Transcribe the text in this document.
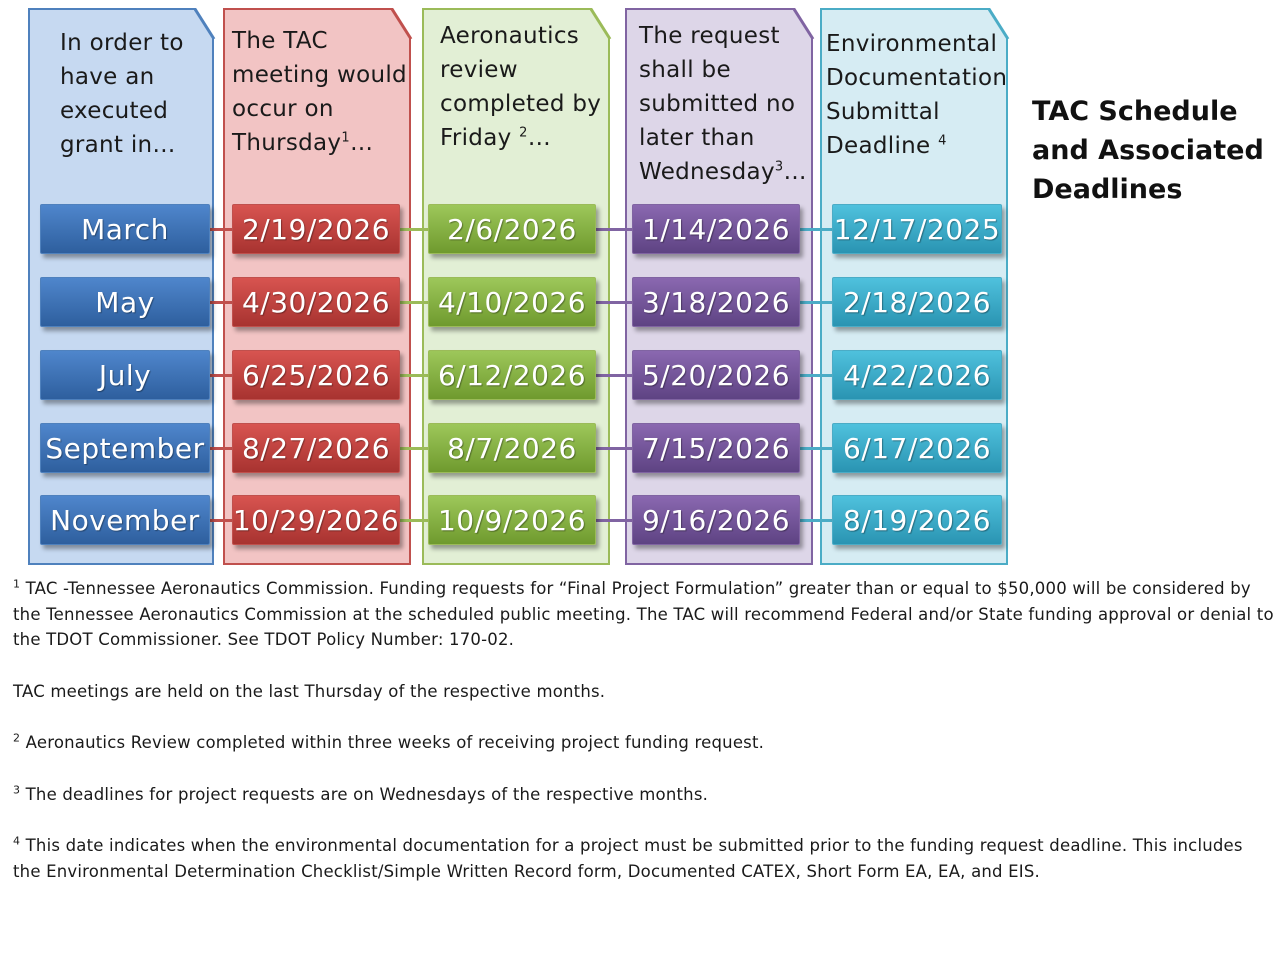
In order to
have an
executed
grant in…
The TAC
meeting would
occur on
Thursday$^1$…
Aeronautics
review
completed by
Friday $^2$…
The request
shall be
submitted no
later than
Wednesday$^3$…
Environmental
Documentation
Submittal
Deadline $^4$
March	2/19/2026	2/6/2026	1/14/2026	12/17/2025
May	4/30/2026	4/10/2026	3/18/2026	2/18/2026
July	6/25/2026	6/12/2026	5/20/2026	4/22/2026
September	8/27/2026	8/7/2026	7/15/2026	6/17/2026
November	10/29/2026	10/9/2026	9/16/2026	8/19/2026
TAC Schedule and Associated Deadlines

$^1$ TAC -Tennessee Aeronautics Commission. Funding requests for “Final Project Formulation” greater than or equal to $50,000 will be considered by the Tennessee Aeronautics Commission at the scheduled public meeting. The TAC will recommend Federal and/or State funding approval or denial to the TDOT Commissioner. See TDOT Policy Number: 170-02.

TAC meetings are held on the last Thursday of the respective months.

$^2$ Aeronautics Review completed within three weeks of receiving project funding request.

$^3$ The deadlines for project requests are on Wednesdays of the respective months.

$^4$ This date indicates when the environmental documentation for a project must be submitted prior to the funding request deadline. This includes the Environmental Determination Checklist/Simple Written Record form, Documented CATEX, Short Form EA, EA, and EIS.
